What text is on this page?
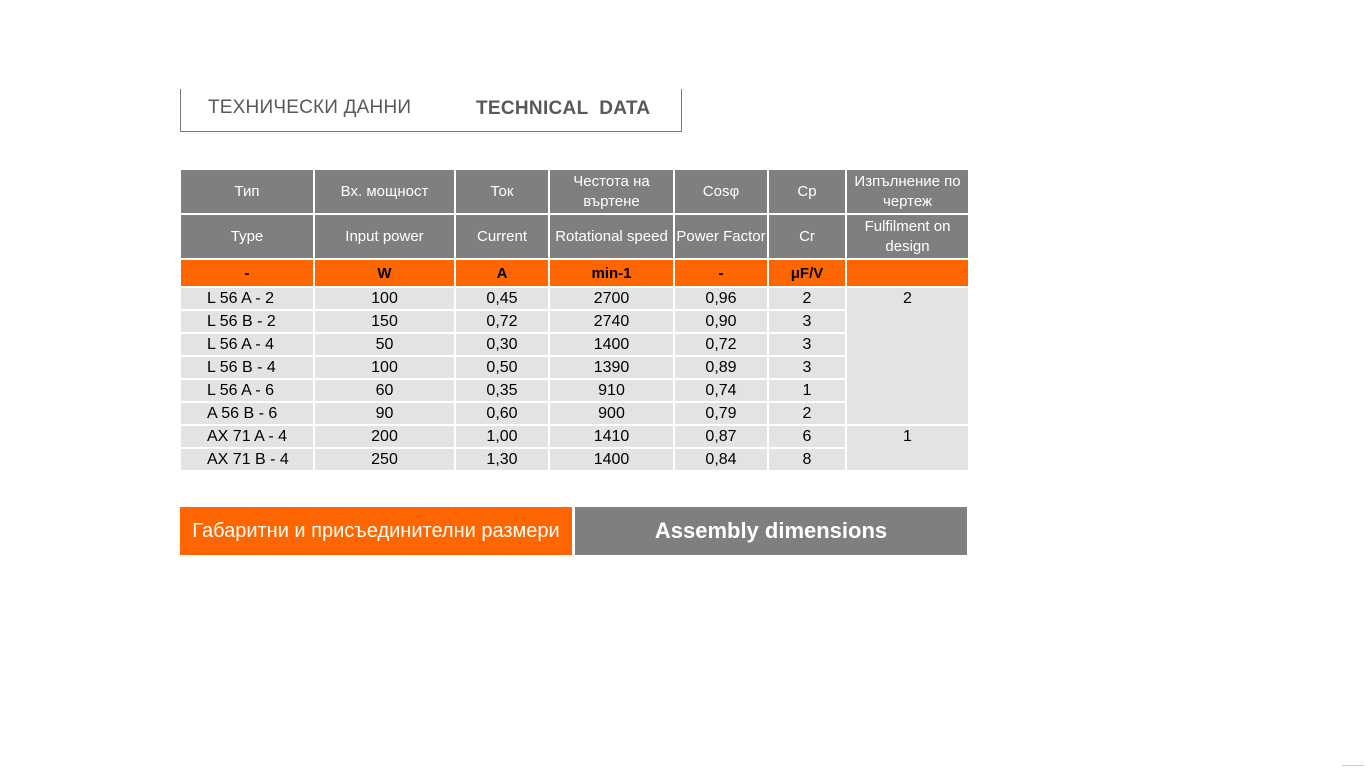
ТЕХНИЧЕСКИ ДАННИ	TECHNICAL  DATA
Тип	Вх. мощност	Ток	Честота на въртене	Cosφ	Cp	Изпълнение по чертеж
Type	Input power	Current	Rotational speed	Power Factor	Cr	Fulfilment on design
-	W	A	min-1	-	μF/V	
L 56 A - 2	100	0,45	2700	0,96	2	2
L 56 B - 2	150	0,72	2740	0,90	3	
L 56 A - 4	50	0,30	1400	0,72	3	
L 56 B - 4	100	0,50	1390	0,89	3	
L 56 A - 6	60	0,35	910	0,74	1	
A 56 B - 6	90	0,60	900	0,79	2	
AX 71 A - 4	200	1,00	1410	0,87	6	1
AX 71 B - 4	250	1,30	1400	0,84	8	
Габаритни и присъединителни размери	Assembly dimensions
